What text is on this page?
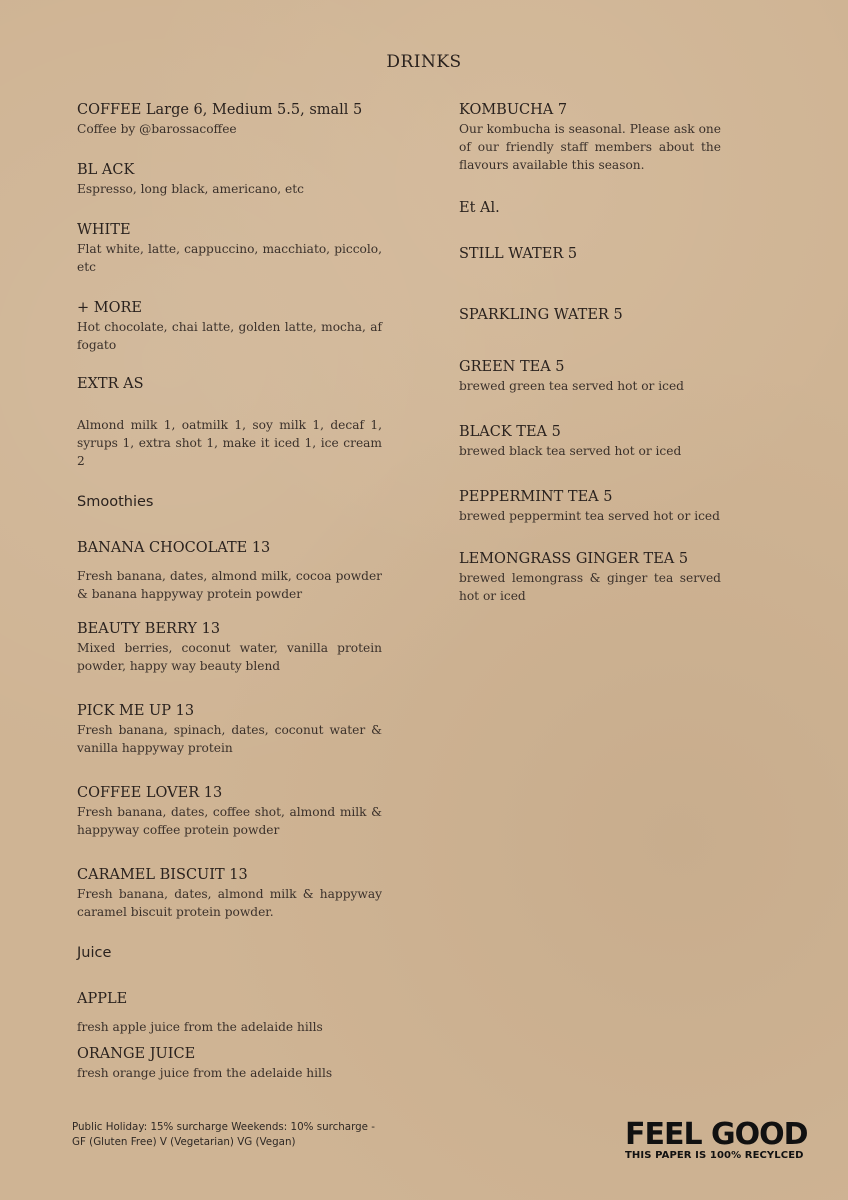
DRINKS
COFFEE Large 6, Medium 5.5, small 5
Coffee by @barossacoffee
BL ACK
Espresso, long black, americano, etc
WHITE
Flat white, latte, cappuccino, macchiato, piccolo, etc
+ MORE
Hot chocolate, chai latte, golden latte, mocha, af fogato
EXTR AS
Almond milk 1, oatmilk 1, soy milk 1, decaf 1, syrups 1, extra shot 1, make it iced 1, ice cream 2
Smoothies
BANANA CHOCOLATE 13
Fresh banana, dates, almond milk, cocoa powder & banana happyway protein powder
BEAUTY BERRY 13
Mixed berries, coconut water, vanilla protein powder, happy way beauty blend
PICK ME UP 13
Fresh banana, spinach, dates, coconut water & vanilla happyway protein
COFFEE LOVER 13
Fresh banana, dates, coffee shot, almond milk & happyway coffee protein powder
CARAMEL BISCUIT 13
Fresh banana, dates, almond milk & happyway caramel biscuit protein powder.
Juice
APPLE
fresh apple juice from the adelaide hills
ORANGE JUICE
fresh orange juice from the adelaide hills
KOMBUCHA 7
Our kombucha is seasonal. Please ask one of our friendly staff members about the flavours available this season.
Et Al.
STILL WATER 5
SPARKLING WATER 5
GREEN TEA 5
brewed green tea served hot or iced
BLACK TEA 5
brewed black tea served hot or iced
PEPPERMINT TEA 5
brewed peppermint tea served hot or iced
LEMONGRASS GINGER TEA 5
brewed lemongrass & ginger tea served hot or iced
Public Holiday: 15% surcharge Weekends: 10% surcharge - GF (Gluten Free) V (Vegetarian) VG (Vegan)	FEEL GOOD
THIS PAPER IS 100% RECYLCED
